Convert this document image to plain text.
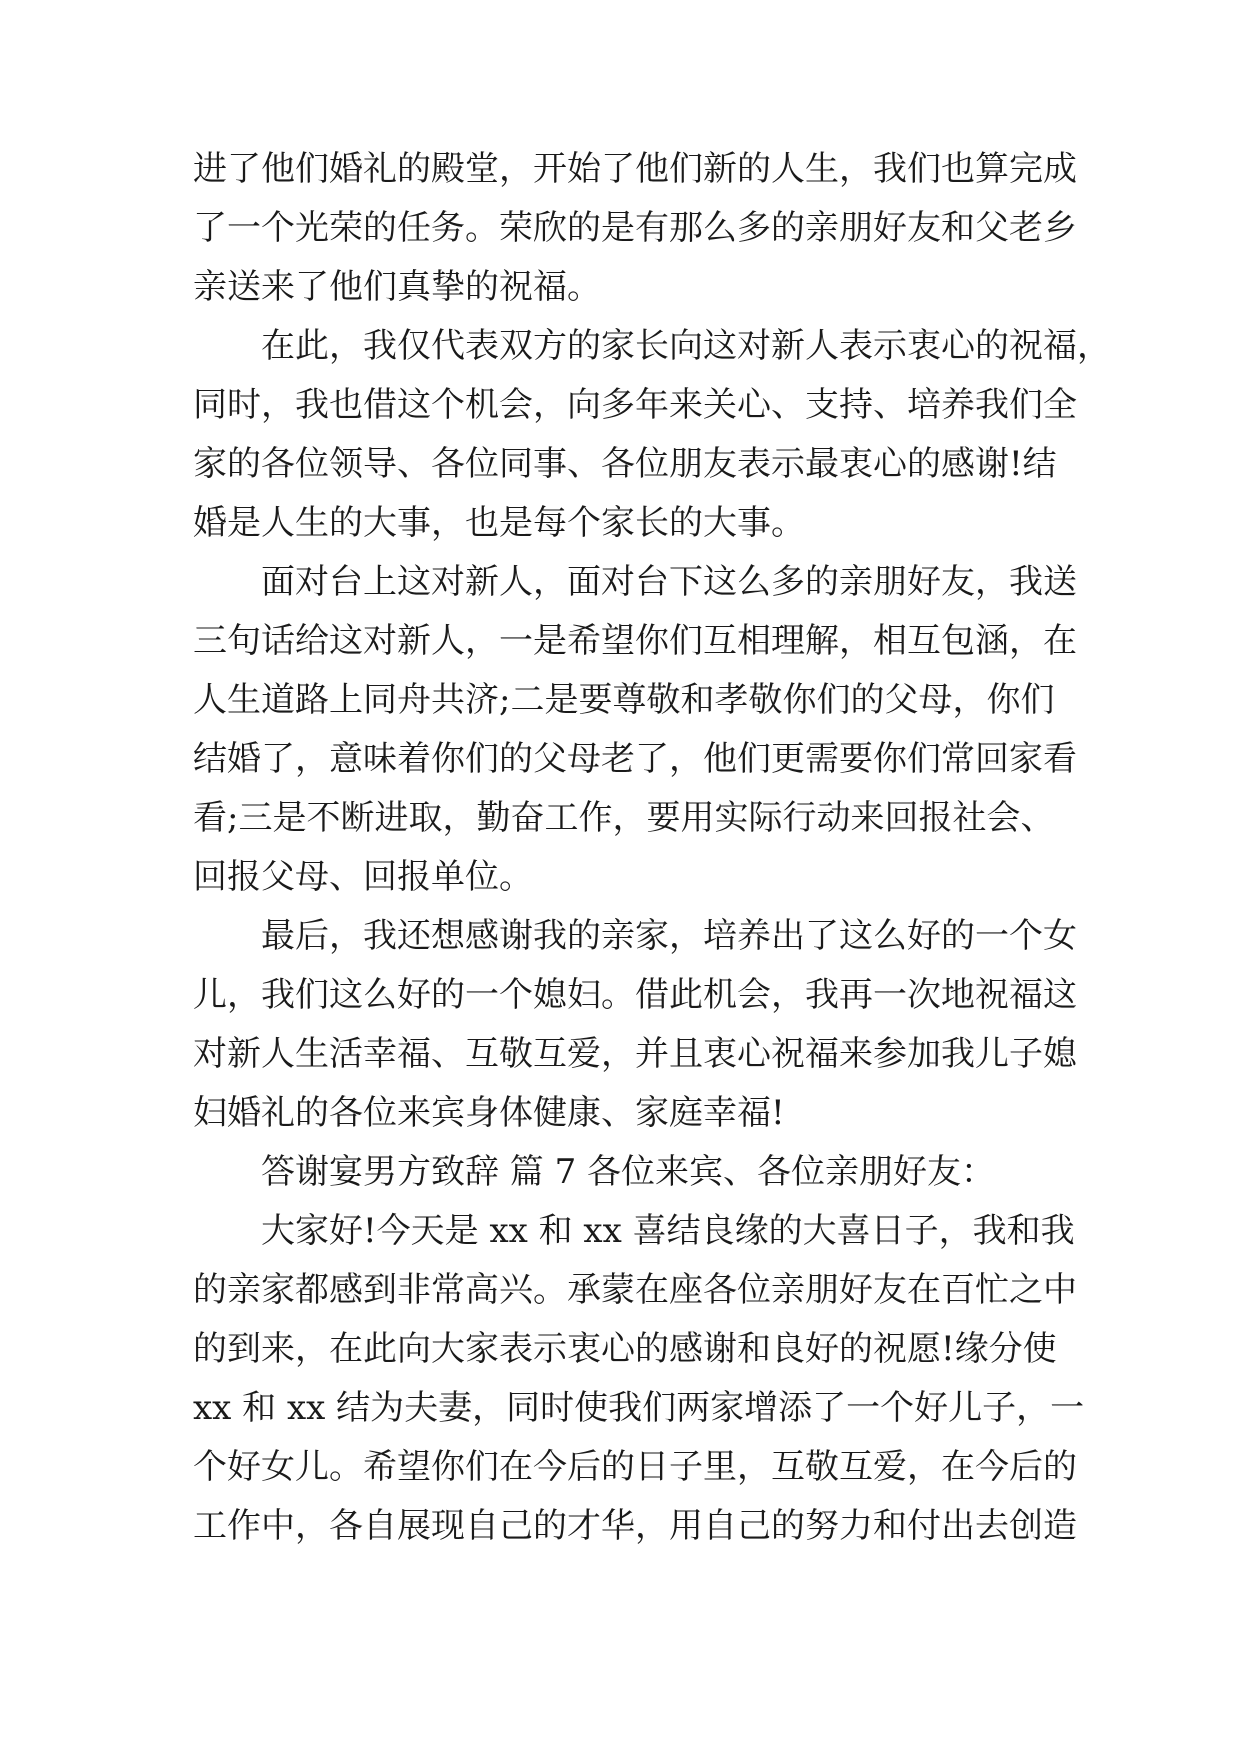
进了他们婚礼的殿堂，开始了他们新的人生，我们也算完成
了一个光荣的任务。荣欣的是有那么多的亲朋好友和父老乡
亲送来了他们真挚的祝福。
在此，我仅代表双方的家长向这对新人表示衷心的祝福，
同时，我也借这个机会，向多年来关心、支持、培养我们全
家的各位领导、各位同事、各位朋友表示最衷心的感谢!结
婚是人生的大事，也是每个家长的大事。
面对台上这对新人，面对台下这么多的亲朋好友，我送
三句话给这对新人，一是希望你们互相理解，相互包涵，在
人生道路上同舟共济;二是要尊敬和孝敬你们的父母，你们
结婚了，意味着你们的父母老了，他们更需要你们常回家看
看;三是不断进取，勤奋工作，要用实际行动来回报社会、
回报父母、回报单位。
最后，我还想感谢我的亲家，培养出了这么好的一个女
儿，我们这么好的一个媳妇。借此机会，我再一次地祝福这
对新人生活幸福、互敬互爱，并且衷心祝福来参加我儿子媳
妇婚礼的各位来宾身体健康、家庭幸福!
答谢宴男方致辞 篇 7 各位来宾、各位亲朋好友：
大家好!今天是 xx 和 xx 喜结良缘的大喜日子，我和我
的亲家都感到非常高兴。承蒙在座各位亲朋好友在百忙之中
的到来，在此向大家表示衷心的感谢和良好的祝愿!缘分使
xx 和 xx 结为夫妻，同时使我们两家增添了一个好儿子，一
个好女儿。希望你们在今后的日子里，互敬互爱，在今后的
工作中，各自展现自己的才华，用自己的努力和付出去创造
